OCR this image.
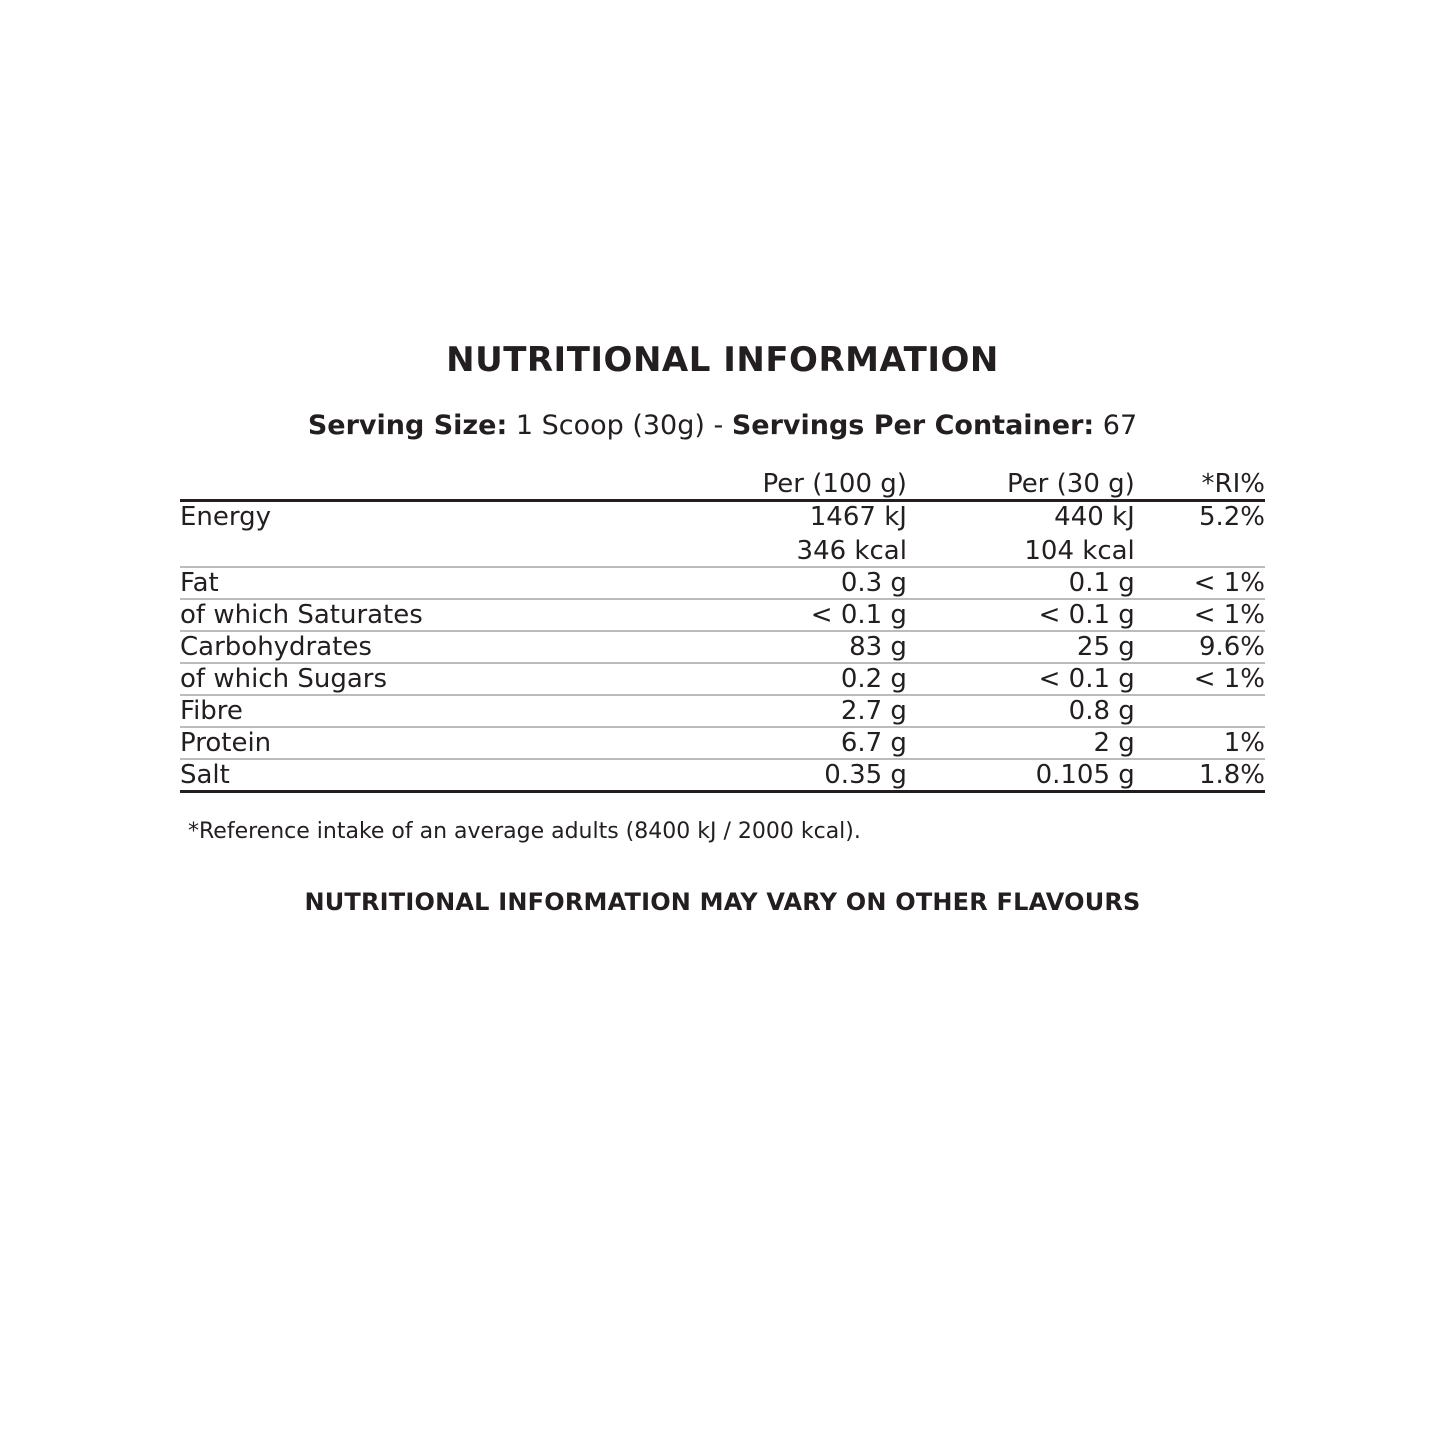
NUTRITIONAL INFORMATION
Serving Size: 1 Scoop (30g) - Servings Per Container: 67
	Per (100 g)	Per (30 g)	*RI%
Energy	1467 kJ	440 kJ	5.2%
	346 kcal	104 kcal	
Fat	0.3 g	0.1 g	< 1%
of which Saturates	< 0.1 g	< 0.1 g	< 1%
Carbohydrates	83 g	25 g	9.6%
of which Sugars	0.2 g	< 0.1 g	< 1%
Fibre	2.7 g	0.8 g	
Protein	6.7 g	2 g	1%
Salt	0.35 g	0.105 g	1.8%
*Reference intake of an average adults (8400 kJ / 2000 kcal).
NUTRITIONAL INFORMATION MAY VARY ON OTHER FLAVOURS
